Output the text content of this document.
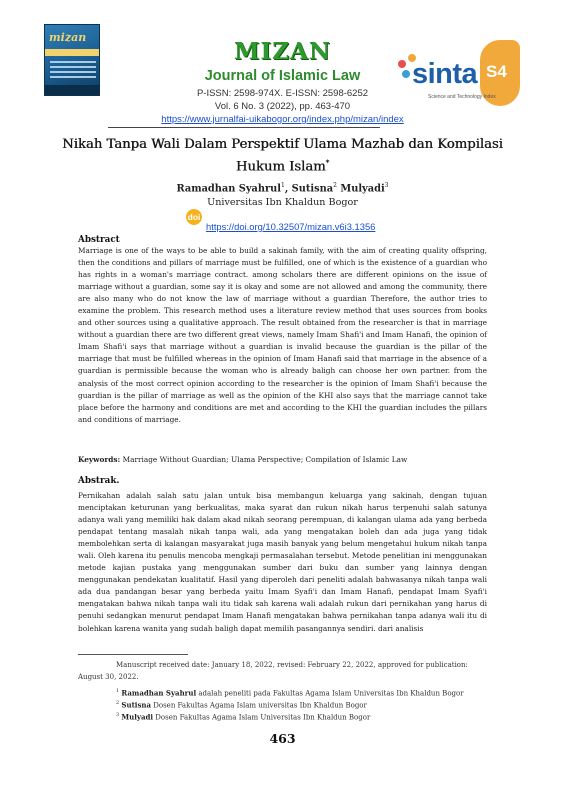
mizan
MIZAN
Journal of Islamic Law
P-ISSN: 2598-974X. E-ISSN: 2598-6252
Vol. 6 No. 3 (2022), pp. 463-470
https://www.jurnalfai-uikabogor.org/index.php/mizan/index
S4
sinta
Science and Technology Index
Nikah Tanpa Wali Dalam Perspektif Ulama Mazhab dan Kompilasi Hukum Islam*
Ramadhan Syahrul$^1$, Sutisna$^2$ Mulyadi$^3$
Universitas Ibn Khaldun Bogor
doi
https://doi.org/10.32507/mizan.v6i3.1356
Abstract
Marriage is one of the ways to be able to build a sakinah family, with the aim of creating quality offspring, then the conditions and pillars of marriage must be fulfilled, one of which is the existence of a guardian who has rights in a woman's marriage contract. among scholars there are different opinions on the issue of marriage without a guardian, some say it is okay and some are not allowed and among the community, there are also many who do not know the law of marriage without a guardian Therefore, the author tries to examine the problem. This research method uses a literature review method that uses sources from books and other sources using a qualitative approach. The result obtained from the researcher is that in marriage without a guardian there are two different great views, namely Imam Shafi'i and Imam Hanafi, the opinion of Imam Shafi'i says that marriage without a guardian is invalid because the guardian is the pillar of the marriage that must be fulfilled whereas in the opinion of Imam Hanafi said that marriage in the absence of a guardian is permissible because the woman who is already baligh can choose her own partner. from the analysis of the most correct opinion according to the researcher is the opinion of Imam Shafi'i because the guardian is the pillar of marriage as well as the opinion of the KHI also says that the marriage cannot take place before the harmony and conditions are met and according to the KHI the guardian includes the pillars and conditions of marriage.
Keywords: Marriage Without Guardian; Ulama Perspective; Compilation of Islamic Law
Abstrak.
Pernikahan adalah salah satu jalan untuk bisa membangun keluarga yang sakinah, dengan tujuan menciptakan keturunan yang berkualitas, maka syarat dan rukun nikah harus terpenuhi salah satunya adanya wali yang memiliki hak dalam akad nikah seorang perempuan, di kalangan ulama ada yang berbeda pendapat tentang masalah nikah tanpa wali, ada yang mengatakan boleh dan ada juga yang tidak membolehkan serta di kalangan masyarakat juga masih banyak yang belum mengetahui hukum nikah tanpa wali. Oleh karena itu penulis mencoba mengkaji permasalahan tersebut. Metode penelitian ini menggunakan metode kajian pustaka yang menggunakan sumber dari buku dan sumber yang lainnya dengan menggunakan pendekatan kualitatif. Hasil yang diperoleh dari peneliti adalah bahwasanya nikah tanpa wali ada dua pandangan besar yang berbeda yaitu Imam Syafi'i dan Imam Hanafi, pendapat Imam Syafi'i mengatakan bahwa nikah tanpa wali itu tidak sah karena wali adalah rukun dari pernikahan yang harus di penuhi sedangkan menurut pendapat Imam Hanafi mengatakan bahwa pernikahan tanpa adanya wali itu di bolehkan karena wanita yang sudah baligh dapat memilih pasangannya sendiri. dari analisis
Manuscript received date: January 18, 2022, revised: February 22, 2022, approved for publication: August 30, 2022.
$^1$ Ramadhan Syahrul adalah peneliti pada Fakultas Agama Islam Universitas Ibn Khaldun Bogor
$^2$ Sutisna Dosen Fakultas Agama Islam universitas Ibn Khaldun Bogor
$^3$ Mulyadi Dosen Fakultas Agama Islam Universitas Ibn Khaldun Bogor
463
